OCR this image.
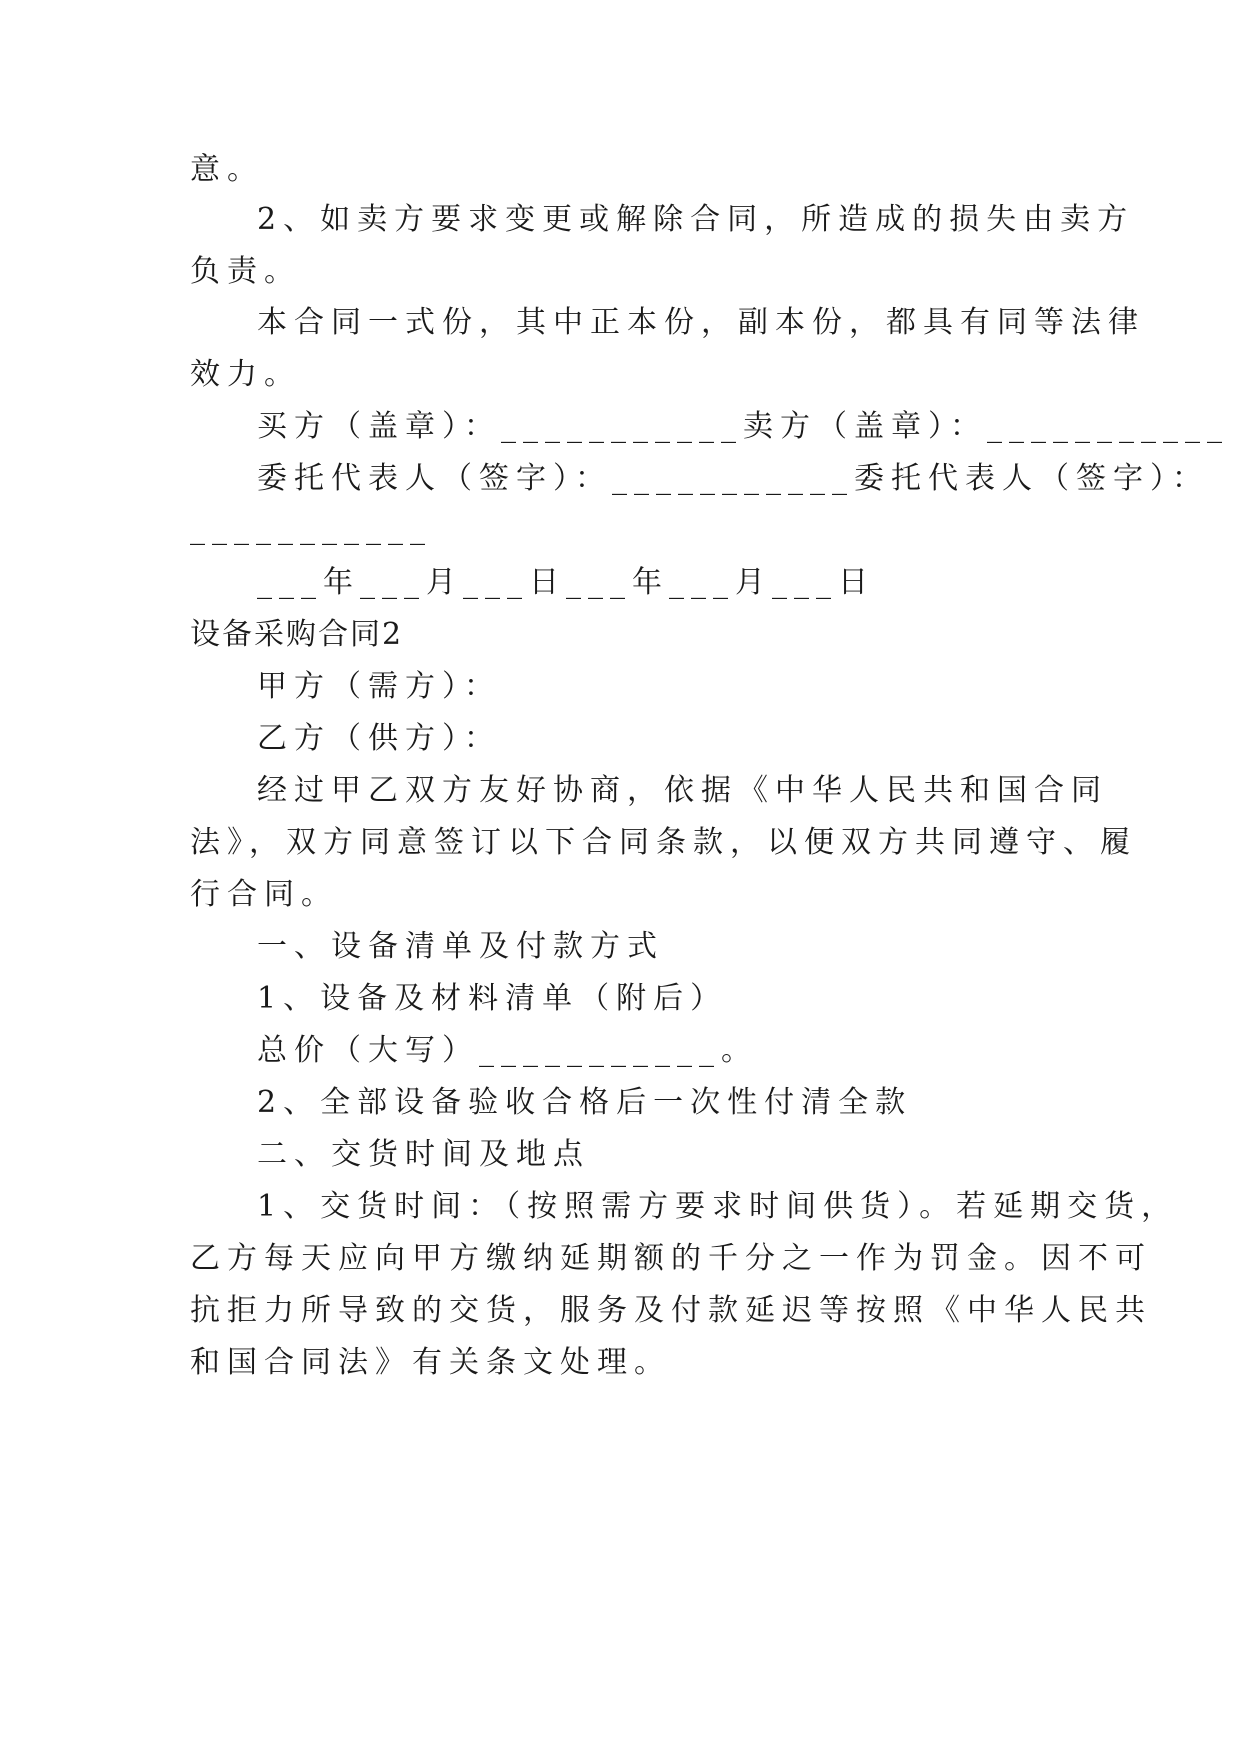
意。
2、如卖方要求变更或解除合同，所造成的损失由卖方
负责。
本合同一式份，其中正本份，副本份，都具有同等法律
效力。
买方（盖章）：___________卖方（盖章）：___________
委托代表人（签字）：___________委托代表人（签字）：
___________
___年___月___日___年___月___日
设备采购合同2
甲方（需方）：
乙方（供方）：
经过甲乙双方友好协商，依据《中华人民共和国合同
法》，双方同意签订以下合同条款，以便双方共同遵守、履
行合同。
一、设备清单及付款方式
1、设备及材料清单（附后）
总价（大写）___________。
2、全部设备验收合格后一次性付清全款
二、交货时间及地点
1、交货时间：（按照需方要求时间供货）。若延期交货，
乙方每天应向甲方缴纳延期额的千分之一作为罚金。因不可
抗拒力所导致的交货，服务及付款延迟等按照《中华人民共
和国合同法》有关条文处理。
